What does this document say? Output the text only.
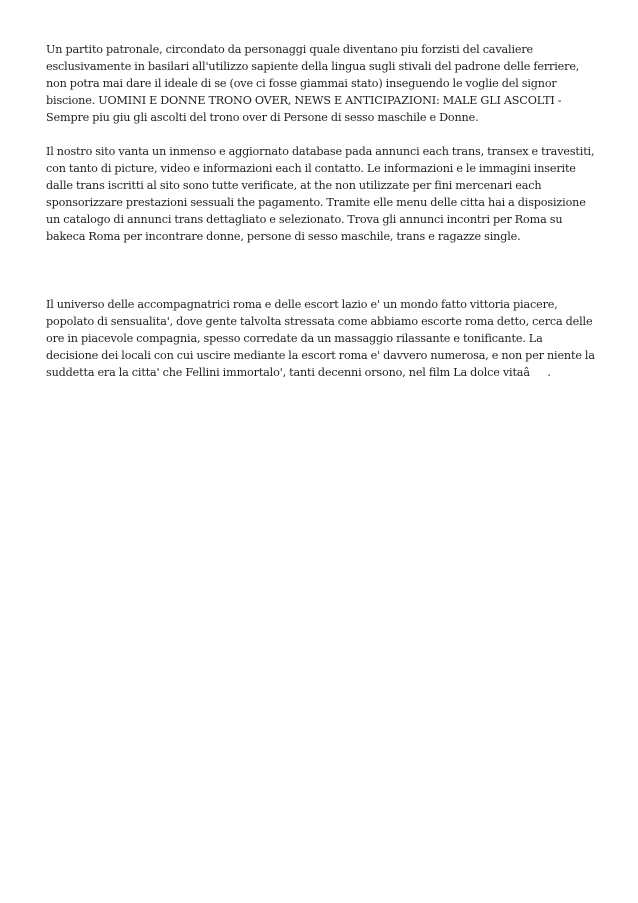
Un partito patronale, circondato da personaggi quale diventano piu forzisti del cavaliere esclusivamente in basilari all'utilizzo sapiente della lingua sugli stivali del padrone delle ferriere, non potra mai dare il ideale di se (ove ci fosse giammai stato) inseguendo le voglie del signor biscione. UOMINI E DONNE TRONO OVER, NEWS E ANTICIPAZIONI: MALE GLI ASCOLTI - Sempre piu giu gli ascolti del trono over di Persone di sesso maschile e Donne.

Il nostro sito vanta un inmenso e aggiornato database pada annunci each trans, transex e travestiti, con tanto di picture, video e informazioni each il contatto. Le informazioni e le immagini inserite dalle trans iscritti al sito sono tutte verificate, at the non utilizzate per fini mercenari each sponsorizzare prestazioni sessuali the pagamento. Tramite elle menu delle citta hai a disposizione un catalogo di annunci trans dettagliato e selezionato. Trova gli annunci incontri per Roma su bakeca Roma per incontrare donne, persone di sesso maschile, trans e ragazze single.

Il universo delle accompagnatrici roma e delle escort lazio e' un mondo fatto vittoria piacere, popolato di sensualita', dove gente talvolta stressata come abbiamo escorte roma detto, cerca delle ore in piacevole compagnia, spesso corredate da un massaggio rilassante e tonificante. La decisione dei locali con cui uscire mediante la escort roma e' davvero numerosa, e non per niente la suddetta era la citta' che Fellini immortalo', tanti decenni orsono, nel film La dolce vitaâ.
